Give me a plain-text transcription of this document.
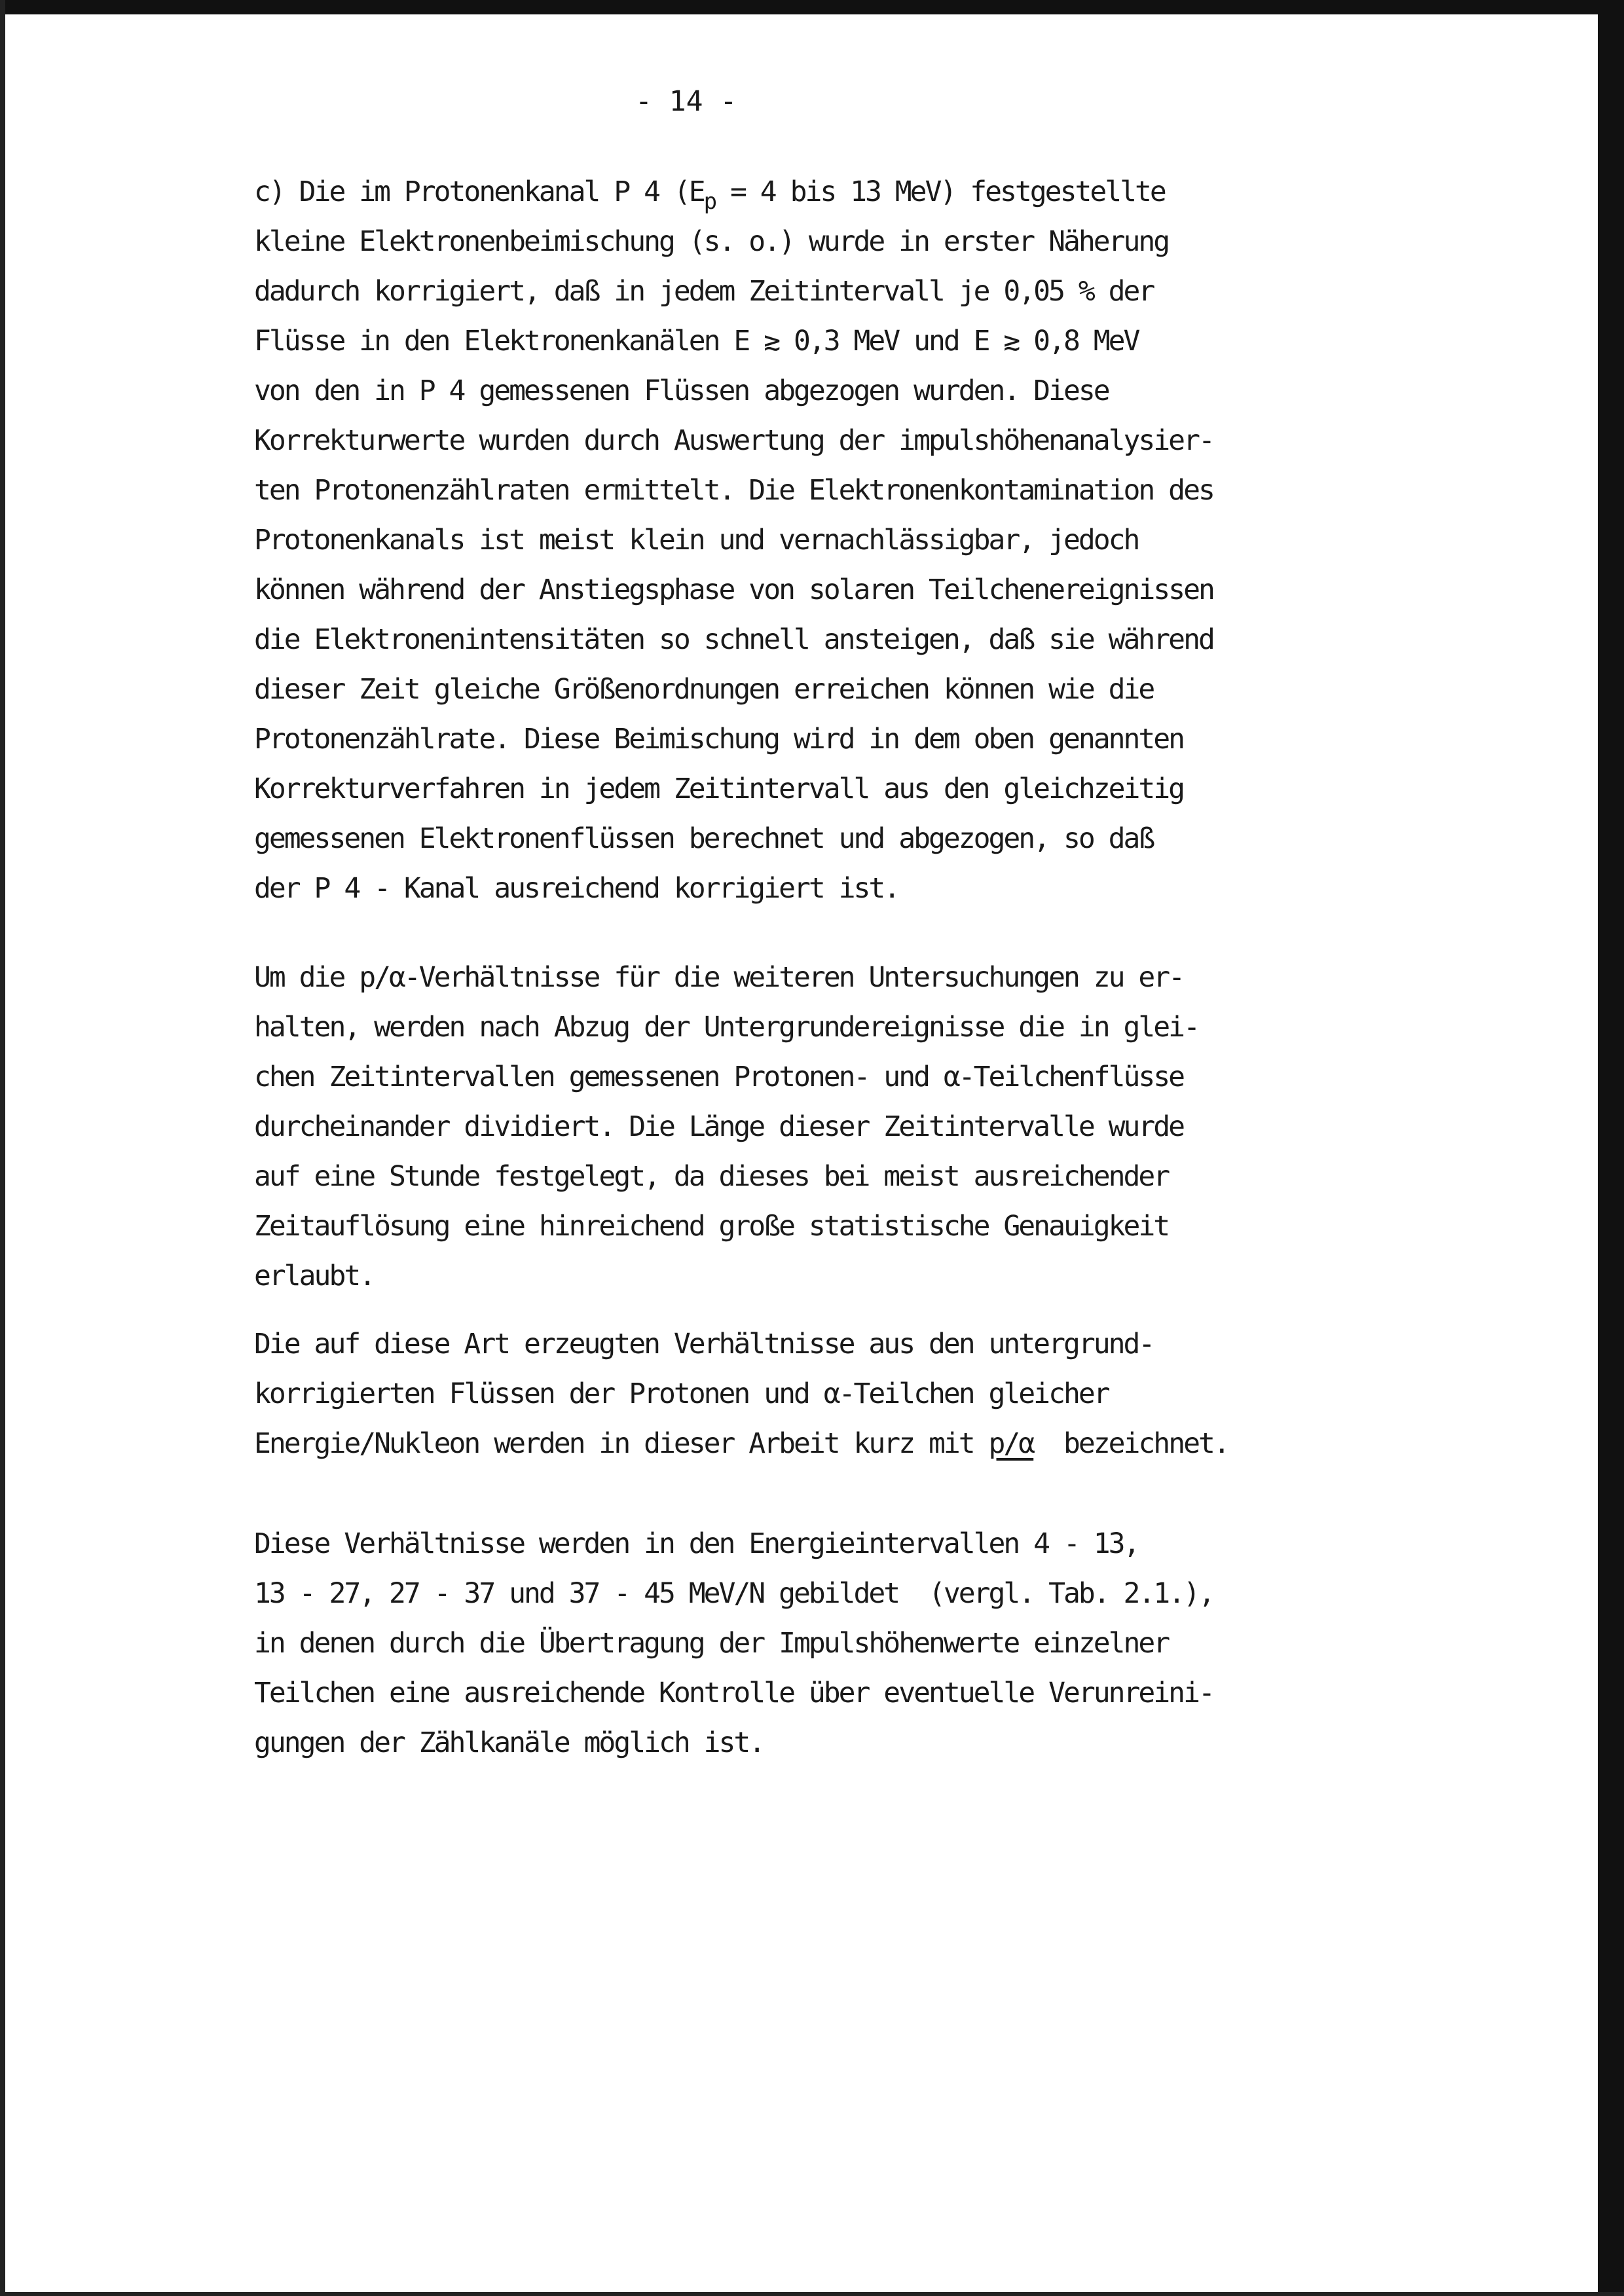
- 14 -
c) Die im Protonenkanal P 4 ($E_p = 4$ bis 13 MeV) festgestellte
kleine Elektronenbeimischung (s. o.) wurde in erster Näherung
dadurch korrigiert, daß in jedem Zeitintervall je 0,05 % der
Flüsse in den Elektronenkanälen E ≳ 0,3 MeV und E ≳ 0,8 MeV
von den in P 4 gemessenen Flüssen abgezogen wurden. Diese
Korrekturwerte wurden durch Auswertung der impulshöhenanalysier-
ten Protonenzählraten ermittelt. Die Elektronenkontamination des
Protonenkanals ist meist klein und vernachlässigbar, jedoch
können während der Anstiegsphase von solaren Teilchenereignissen
die Elektronenintensitäten so schnell ansteigen, daß sie während
dieser Zeit gleiche Größenordnungen erreichen können wie die
Protonenzählrate. Diese Beimischung wird in dem oben genannten
Korrekturverfahren in jedem Zeitintervall aus den gleichzeitig
gemessenen Elektronenflüssen berechnet und abgezogen, so daß
der P 4 - Kanal ausreichend korrigiert ist.
Um die p/α-Verhältnisse für die weiteren Untersuchungen zu er-
halten, werden nach Abzug der Untergrundereignisse die in glei-
chen Zeitintervallen gemessenen Protonen- und α-Teilchenflüsse
durcheinander dividiert. Die Länge dieser Zeitintervalle wurde
auf eine Stunde festgelegt, da dieses bei meist ausreichender
Zeitauflösung eine hinreichend große statistische Genauigkeit
erlaubt.
Die auf diese Art erzeugten Verhältnisse aus den untergrund-
korrigierten Flüssen der Protonen und α-Teilchen gleicher
Energie/Nukleon werden in dieser Arbeit kurz mit p/α  bezeichnet.
Diese Verhältnisse werden in den Energieintervallen 4 - 13,
13 - 27, 27 - 37 und 37 - 45 MeV/N gebildet  (vergl. Tab. 2.1.),
in denen durch die Übertragung der Impulshöhenwerte einzelner
Teilchen eine ausreichende Kontrolle über eventuelle Verunreini-
gungen der Zählkanäle möglich ist.
